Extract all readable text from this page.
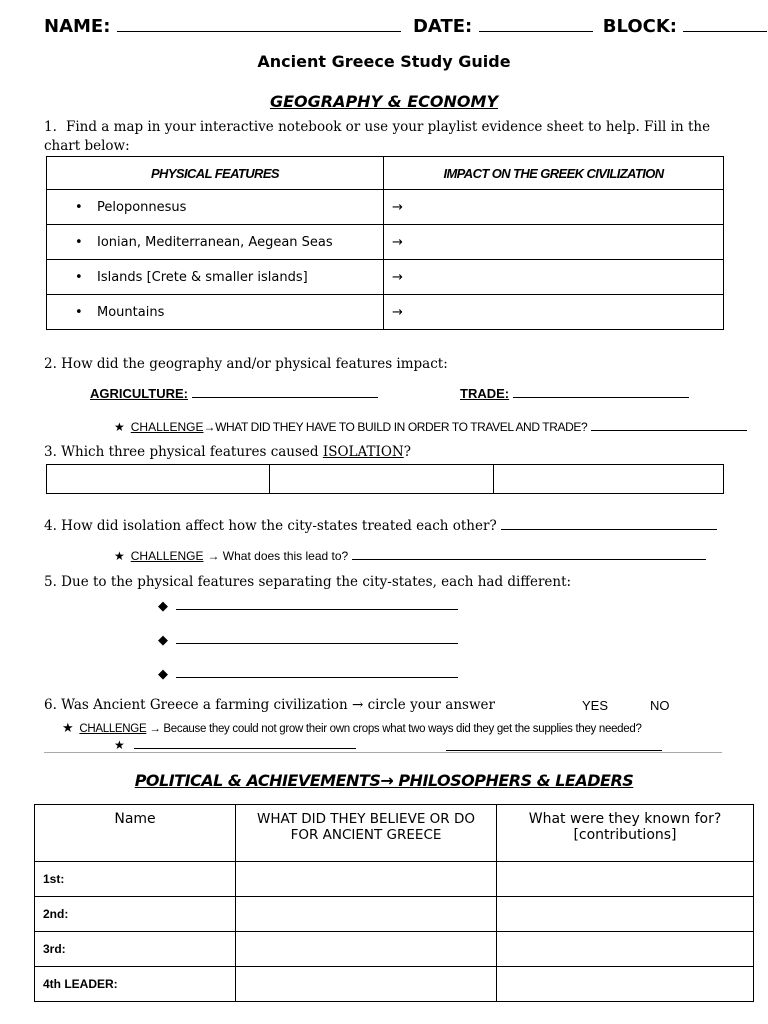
NAME:	DATE:	BLOCK:
Ancient Greece Study Guide
GEOGRAPHY & ECONOMY
1. Find a map in your interactive notebook or use your playlist evidence sheet to help. Fill in the chart below:
PHYSICAL FEATURES	IMPACT ON THE GREEK CIVILIZATION
• Peloponnesus	→
• Ionian, Mediterranean, Aegean Seas	→
• Islands [Crete & smaller islands]	→
• Mountains	→
2. How did the geography and/or physical features impact:
AGRICULTURE:	TRADE:
★ CHALLENGE→WHAT DID THEY HAVE TO BUILD IN ORDER TO TRAVEL AND TRADE?
3. Which three physical features caused ISOLATION?

4. How did isolation affect how the city-states treated each other?
★ CHALLENGE → What does this lead to?
5. Due to the physical features separating the city-states, each had different:
◆
◆
◆
6. Was Ancient Greece a farming civilization → circle your answer	YES	NO
★ CHALLENGE → Because they could not grow their own crops what two ways did they get the supplies they needed?
★
POLITICAL & ACHIEVEMENTS→ PHILOSOPHERS & LEADERS
Name	WHAT DID THEY BELIEVE OR DO FOR ANCIENT GREECE	What were they known for? [contributions]
1st:		
2nd:		
3rd:		
4th LEADER:		
